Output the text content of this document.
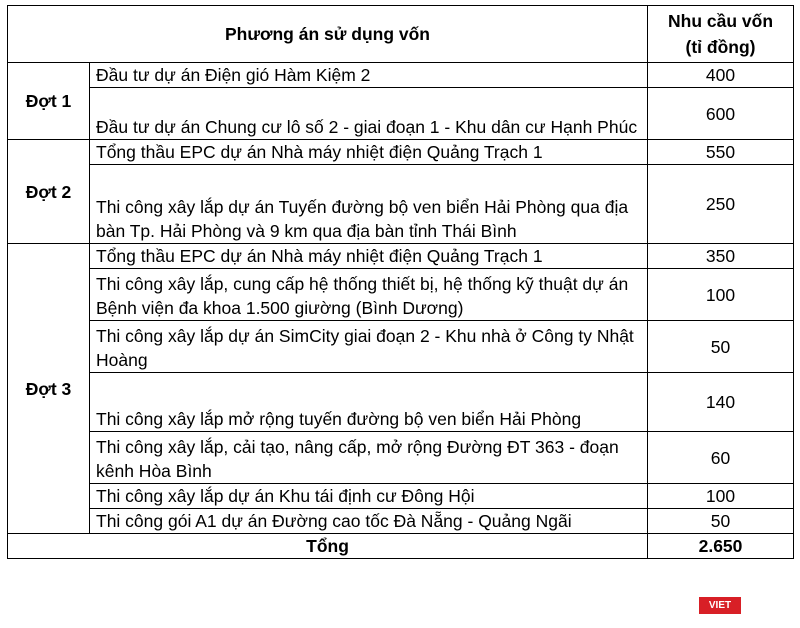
Phương án sử dụng vốn		Nhu cầu vốn
(tỉ đồng)
Đợt 1	Đầu tư dự án Điện gió Hàm Kiệm 2	400
	Đầu tư dự án Chung cư lô số 2 - giai đoạn 1 - Khu dân cư Hạnh Phúc	600
Đợt 2	Tổng thầu EPC dự án Nhà máy nhiệt điện Quảng Trạch 1	550
	Thi công xây lắp dự án Tuyến đường bộ ven biển Hải Phòng qua địa bàn Tp. Hải Phòng và 9 km qua địa bàn tỉnh Thái Bình	250
Đợt 3	Tổng thầu EPC dự án Nhà máy nhiệt điện Quảng Trạch 1	350
	Thi công xây lắp, cung cấp hệ thống thiết bị, hệ thống kỹ thuật dự án Bệnh viện đa khoa 1.500 giường (Bình Dương)	100
	Thi công xây lắp dự án SimCity giai đoạn 2 - Khu nhà ở Công ty Nhật Hoàng	50
	Thi công xây lắp mở rộng tuyến đường bộ ven biển Hải Phòng	140
	Thi công xây lắp, cải tạo, nâng cấp, mở rộng Đường ĐT 363 - đoạn kênh Hòa Bình	60
	Thi công xây lắp dự án Khu tái định cư Đông Hội	100
	Thi công gói A1 dự án Đường cao tốc Đà Nẵng - Quảng Ngãi	50
Tổng		2.650
VIET
